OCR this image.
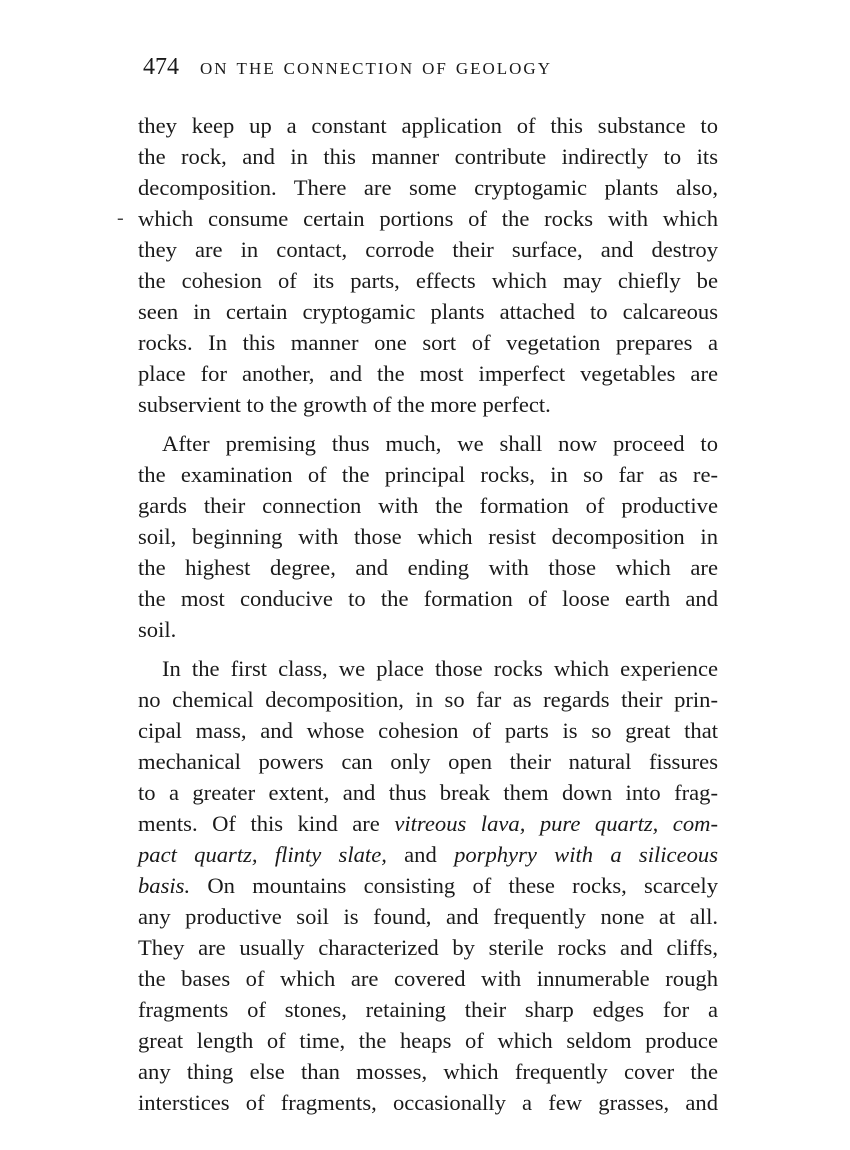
474 on the connection of geology
-
they keep up a constant application of this substance to
the rock, and in this manner contribute indirectly to its
decomposition. There are some cryptogamic plants also,
which consume certain portions of the rocks with which
they are in contact, corrode their surface, and destroy
the cohesion of its parts, effects which may chiefly be
seen in certain cryptogamic plants attached to calcareous
rocks. In this manner one sort of vegetation prepares a
place for another, and the most imperfect vegetables are
subservient to the growth of the more perfect.
After premising thus much, we shall now proceed to
the examination of the principal rocks, in so far as re-
gards their connection with the formation of productive
soil, beginning with those which resist decomposition in
the highest degree, and ending with those which are
the most conducive to the formation of loose earth and
soil.
In the first class, we place those rocks which experience
no chemical decomposition, in so far as regards their prin-
cipal mass, and whose cohesion of parts is so great that
mechanical powers can only open their natural fissures
to a greater extent, and thus break them down into frag-
ments. Of this kind are vitreous lava, pure quartz, com-
pact quartz, flinty slate, and porphyry with a siliceous
basis. On mountains consisting of these rocks, scarcely
any productive soil is found, and frequently none at all.
They are usually characterized by sterile rocks and cliffs,
the bases of which are covered with innumerable rough
fragments of stones, retaining their sharp edges for a
great length of time, the heaps of which seldom produce
any thing else than mosses, which frequently cover the
interstices of fragments, occasionally a few grasses, and
